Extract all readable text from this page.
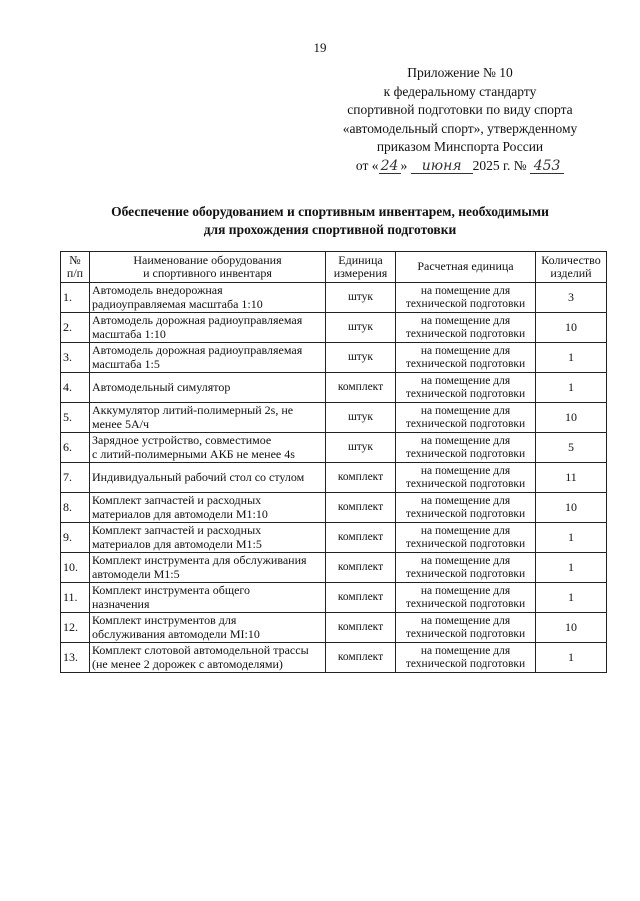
19
Приложение № 10
к федеральному стандарту
спортивной подготовки по виду спорта
«автомодельный спорт», утвержденному
приказом Минспорта России
от « 24 » июня 2025 г. № 453
Обеспечение оборудованием и спортивным инвентарем, необходимыми
для прохождения спортивной подготовки
№
п/п	Наименование оборудования
и спортивного инвентаря	Единица
измерения	Расчетная единица	Количество
изделий
1.	Автомодель внедорожная
радиоуправляемая масштаба 1:10	штук	на помещение для
технической подготовки	3
2.	Автомодель дорожная радиоуправляемая
масштаба 1:10	штук	на помещение для
технической подготовки	10
3.	Автомодель дорожная радиоуправляемая
масштаба 1:5	штук	на помещение для
технической подготовки	1
4.	Автомодельный симулятор	комплект	на помещение для
технической подготовки	1
5.	Аккумулятор литий-полимерный 2s, не
менее 5А/ч	штук	на помещение для
технической подготовки	10
6.	Зарядное устройство, совместимое
с литий-полимерными АКБ не менее 4s	штук	на помещение для
технической подготовки	5
7.	Индивидуальный рабочий стол со стулом	комплект	на помещение для
технической подготовки	11
8.	Комплект запчастей и расходных
материалов для автомодели M1:10	комплект	на помещение для
технической подготовки	10
9.	Комплект запчастей и расходных
материалов для автомодели M1:5	комплект	на помещение для
технической подготовки	1
10.	Комплект инструмента для обслуживания
автомодели M1:5	комплект	на помещение для
технической подготовки	1
11.	Комплект инструмента общего
назначения	комплект	на помещение для
технической подготовки	1
12.	Комплект инструментов для
обслуживания автомодели MI:10	комплект	на помещение для
технической подготовки	10
13.	Комплект слотовой автомодельной трассы
(не менее 2 дорожек с автомоделями)	комплект	на помещение для
технической подготовки	1
